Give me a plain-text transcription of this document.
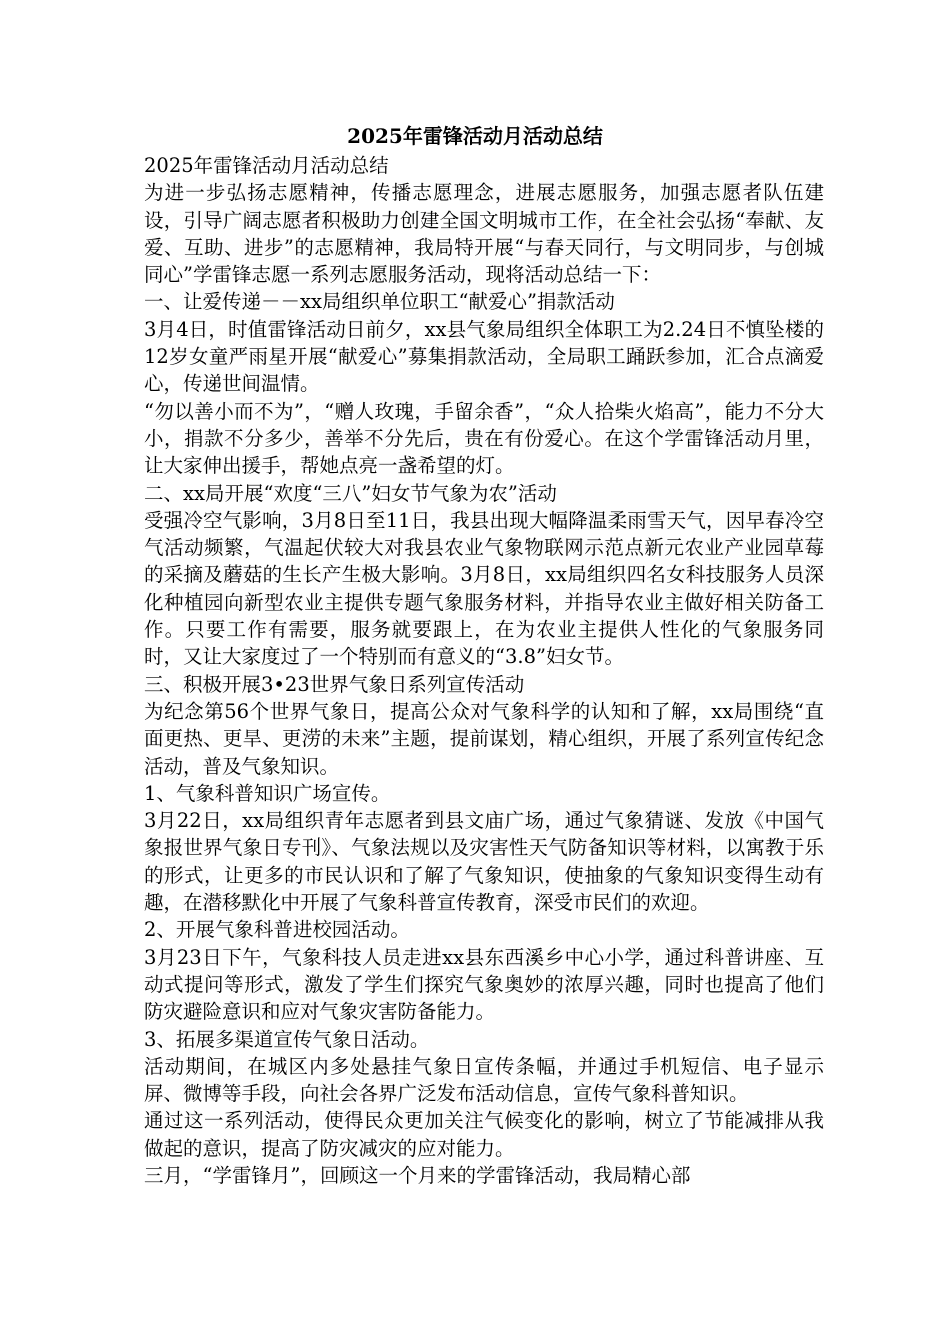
2025年雷锋活动月活动总结

2025年雷锋活动月活动总结

为进一步弘扬志愿精神，传播志愿理念，进展志愿服务，加强志愿者队伍建设，引导广阔志愿者积极助力创建全国文明城市工作，在全社会弘扬“奉献、友爱、互助、进步”的志愿精神，我局特开展“与春天同行，与文明同步，与创城同心”学雷锋志愿一系列志愿服务活动，现将活动总结一下：

一、让爱传递－－xx局组织单位职工“献爱心”捐款活动

3月4日，时值雷锋活动日前夕，xx县气象局组织全体职工为2.24日不慎坠楼的12岁女童严雨星开展“献爱心”募集捐款活动，全局职工踊跃参加，汇合点滴爱心，传递世间温情。

“勿以善小而不为”，“赠人玫瑰，手留余香”，“众人拾柴火焰高”，能力不分大小，捐款不分多少，善举不分先后，贵在有份爱心。在这个学雷锋活动月里，让大家伸出援手，帮她点亮一盏希望的灯。

二、xx局开展“欢度“三八”妇女节气象为农”活动

受强冷空气影响，3月8日至11日，我县出现大幅降温柔雨雪天气，因早春冷空气活动频繁，气温起伏较大对我县农业气象物联网示范点新元农业产业园草莓的采摘及蘑菇的生长产生极大影响。3月8日，xx局组织四名女科技服务人员深化种植园向新型农业主提供专题气象服务材料，并指导农业主做好相关防备工作。只要工作有需要，服务就要跟上，在为农业主提供人性化的气象服务同时，又让大家度过了一个特别而有意义的“3.8”妇女节。

三、积极开展3•23世界气象日系列宣传活动

为纪念第56个世界气象日，提高公众对气象科学的认知和了解，xx局围绕“直面更热、更旱、更涝的未来”主题，提前谋划，精心组织，开展了系列宣传纪念活动，普及气象知识。

1、气象科普知识广场宣传。

3月22日，xx局组织青年志愿者到县文庙广场，通过气象猜谜、发放《中国气象报世界气象日专刊》、气象法规以及灾害性天气防备知识等材料，以寓教于乐的形式，让更多的市民认识和了解了气象知识，使抽象的气象知识变得生动有趣，在潜移默化中开展了气象科普宣传教育，深受市民们的欢迎。

2、开展气象科普进校园活动。

3月23日下午，气象科技人员走进xx县东西溪乡中心小学，通过科普讲座、互动式提问等形式，激发了学生们探究气象奥妙的浓厚兴趣，同时也提高了他们防灾避险意识和应对气象灾害防备能力。

3、拓展多渠道宣传气象日活动。

活动期间，在城区内多处悬挂气象日宣传条幅，并通过手机短信、电子显示屏、微博等手段，向社会各界广泛发布活动信息，宣传气象科普知识。

通过这一系列活动，使得民众更加关注气候变化的影响，树立了节能减排从我做起的意识，提高了防灾减灾的应对能力。

三月，“学雷锋月”，回顾这一个月来的学雷锋活动，我局精心部
